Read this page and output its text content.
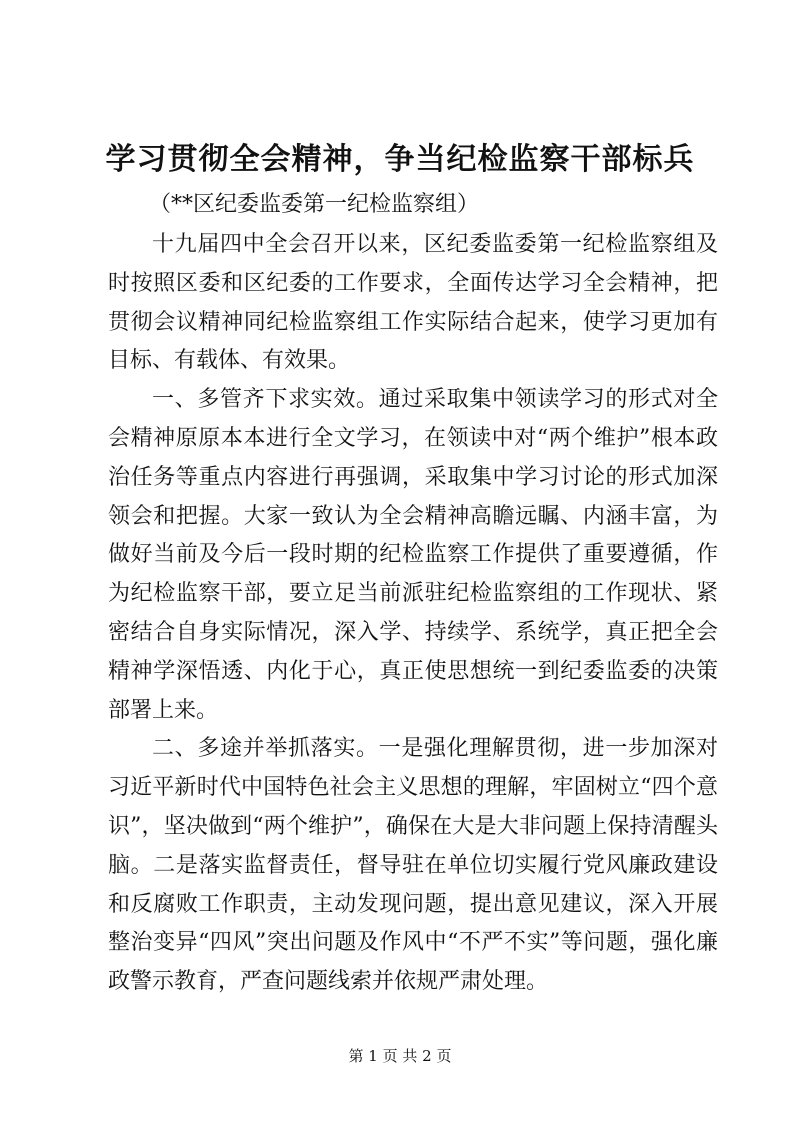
学习贯彻全会精神，争当纪检监察干部标兵
（**区纪委监委第一纪检监察组）

十九届四中全会召开以来，区纪委监委第一纪检监察组及时按照区委和区纪委的工作要求，全面传达学习全会精神，把贯彻会议精神同纪检监察组工作实际结合起来，使学习更加有目标、有载体、有效果。

一、多管齐下求实效。通过采取集中领读学习的形式对全会精神原原本本进行全文学习，在领读中对“两个维护”根本政治任务等重点内容进行再强调，采取集中学习讨论的形式加深领会和把握。大家一致认为全会精神高瞻远瞩、内涵丰富，为做好当前及今后一段时期的纪检监察工作提供了重要遵循，作为纪检监察干部，要立足当前派驻纪检监察组的工作现状、紧密结合自身实际情况，深入学、持续学、系统学，真正把全会精神学深悟透、内化于心，真正使思想统一到纪委监委的决策部署上来。

二、多途并举抓落实。一是强化理解贯彻，进一步加深对习近平新时代中国特色社会主义思想的理解，牢固树立“四个意识”，坚决做到“两个维护”，确保在大是大非问题上保持清醒头脑。二是落实监督责任，督导驻在单位切实履行党风廉政建设和反腐败工作职责，主动发现问题，提出意见建议，深入开展整治变异“四风”突出问题及作风中“不严不实”等问题，强化廉政警示教育，严查问题线索并依规严肃处理。

第 1 页 共 2 页
